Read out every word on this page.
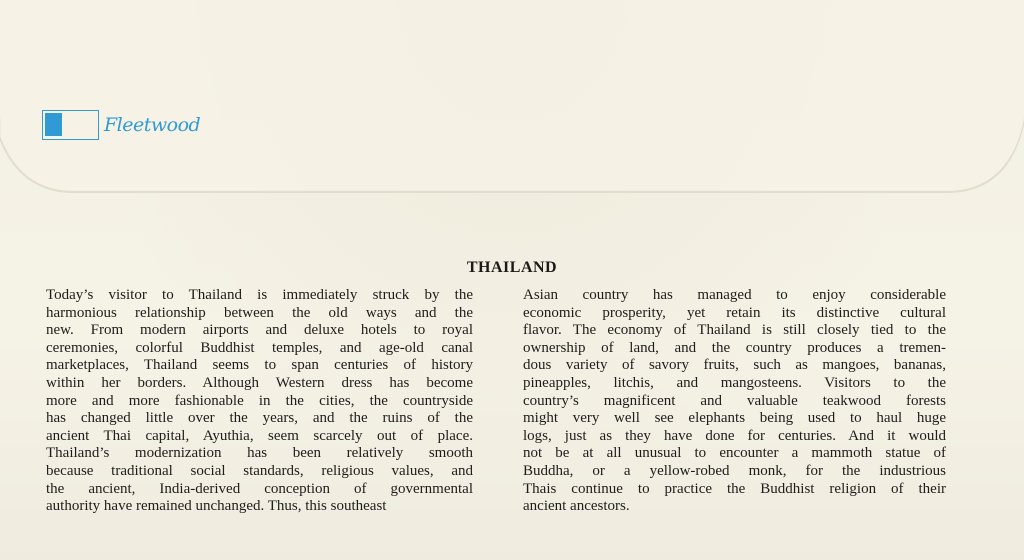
Fleetwood
THAILAND
Today’s visitor to Thailand is immediately struck by the
harmonious relationship between the old ways and the
new. From modern airports and deluxe hotels to royal
ceremonies, colorful Buddhist temples, and age-old canal
marketplaces, Thailand seems to span centuries of history
within her borders. Although Western dress has become
more and more fashionable in the cities, the countryside
has changed little over the years, and the ruins of the
ancient Thai capital, Ayuthia, seem scarcely out of place.
Thailand’s modernization has been relatively smooth
because traditional social standards, religious values, and
the ancient, India-derived conception of governmental
authority have remained unchanged. Thus, this southeast
Asian country has managed to enjoy considerable
economic prosperity, yet retain its distinctive cultural
flavor. The economy of Thailand is still closely tied to the
ownership of land, and the country produces a tremen-
dous variety of savory fruits, such as mangoes, bananas,
pineapples, litchis, and mangosteens. Visitors to the
country’s magnificent and valuable teakwood forests
might very well see elephants being used to haul huge
logs, just as they have done for centuries. And it would
not be at all unusual to encounter a mammoth statue of
Buddha, or a yellow-robed monk, for the industrious
Thais continue to practice the Buddhist religion of their
ancient ancestors.
